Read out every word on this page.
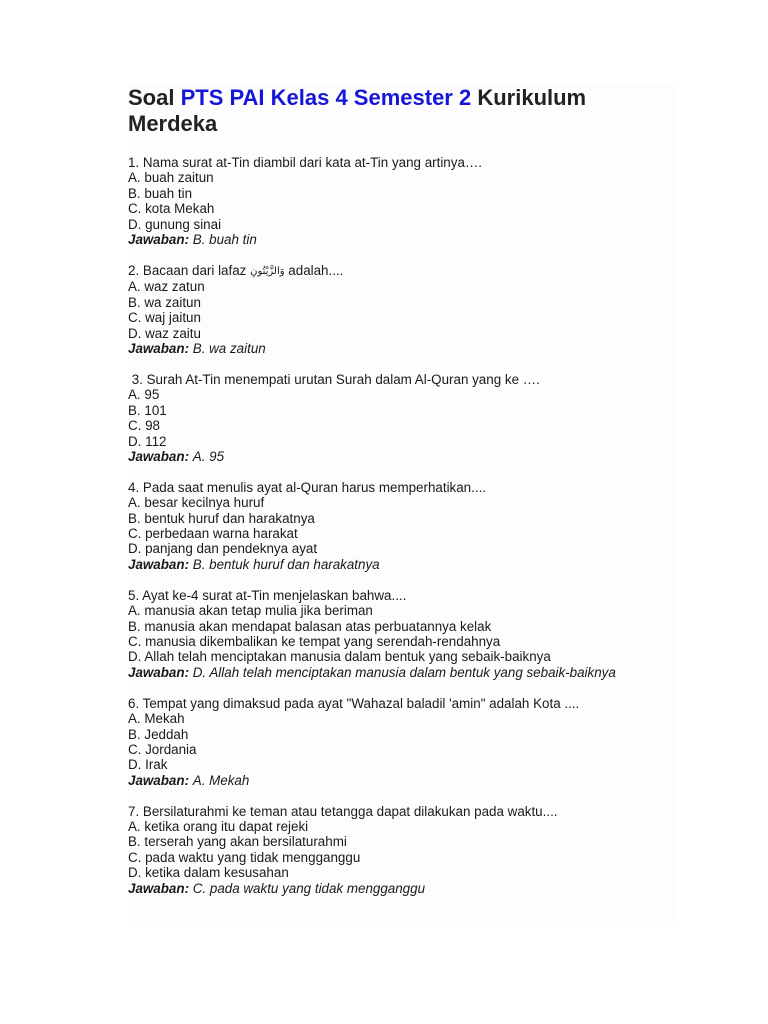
Soal PTS PAI Kelas 4 Semester 2 Kurikulum
Merdeka
1. Nama surat at-Tin diambil dari kata at-Tin yang artinya….
A. buah zaitun
B. buah tin
C. kota Mekah
D. gunung sinai
Jawaban: B. buah tin
2. Bacaan dari lafaz وَالزَّيْتُونِ adalah....
A. waz zatun
B. wa zaitun
C. waj jaitun
D. waz zaitu
Jawaban: B. wa zaitun
3. Surah At-Tin menempati urutan Surah dalam Al-Quran yang ke ….
A. 95
B. 101
C. 98
D. 112
Jawaban: A. 95
4. Pada saat menulis ayat al-Quran harus memperhatikan....
A. besar kecilnya huruf
B. bentuk huruf dan harakatnya
C. perbedaan warna harakat
D. panjang dan pendeknya ayat
Jawaban: B. bentuk huruf dan harakatnya
5. Ayat ke-4 surat at-Tin menjelaskan bahwa....
A. manusia akan tetap mulia jika beriman
B. manusia akan mendapat balasan atas perbuatannya kelak
C. manusia dikembalikan ke tempat yang serendah-rendahnya
D. Allah telah menciptakan manusia dalam bentuk yang sebaik-baiknya
Jawaban: D. Allah telah menciptakan manusia dalam bentuk yang sebaik-baiknya
6. Tempat yang dimaksud pada ayat "Wahazal baladil 'amin" adalah Kota ....
A. Mekah
B. Jeddah
C. Jordania
D. Irak
Jawaban: A. Mekah
7. Bersilaturahmi ke teman atau tetangga dapat dilakukan pada waktu....
A. ketika orang itu dapat rejeki
B. terserah yang akan bersilaturahmi
C. pada waktu yang tidak mengganggu
D. ketika dalam kesusahan
Jawaban: C. pada waktu yang tidak mengganggu
